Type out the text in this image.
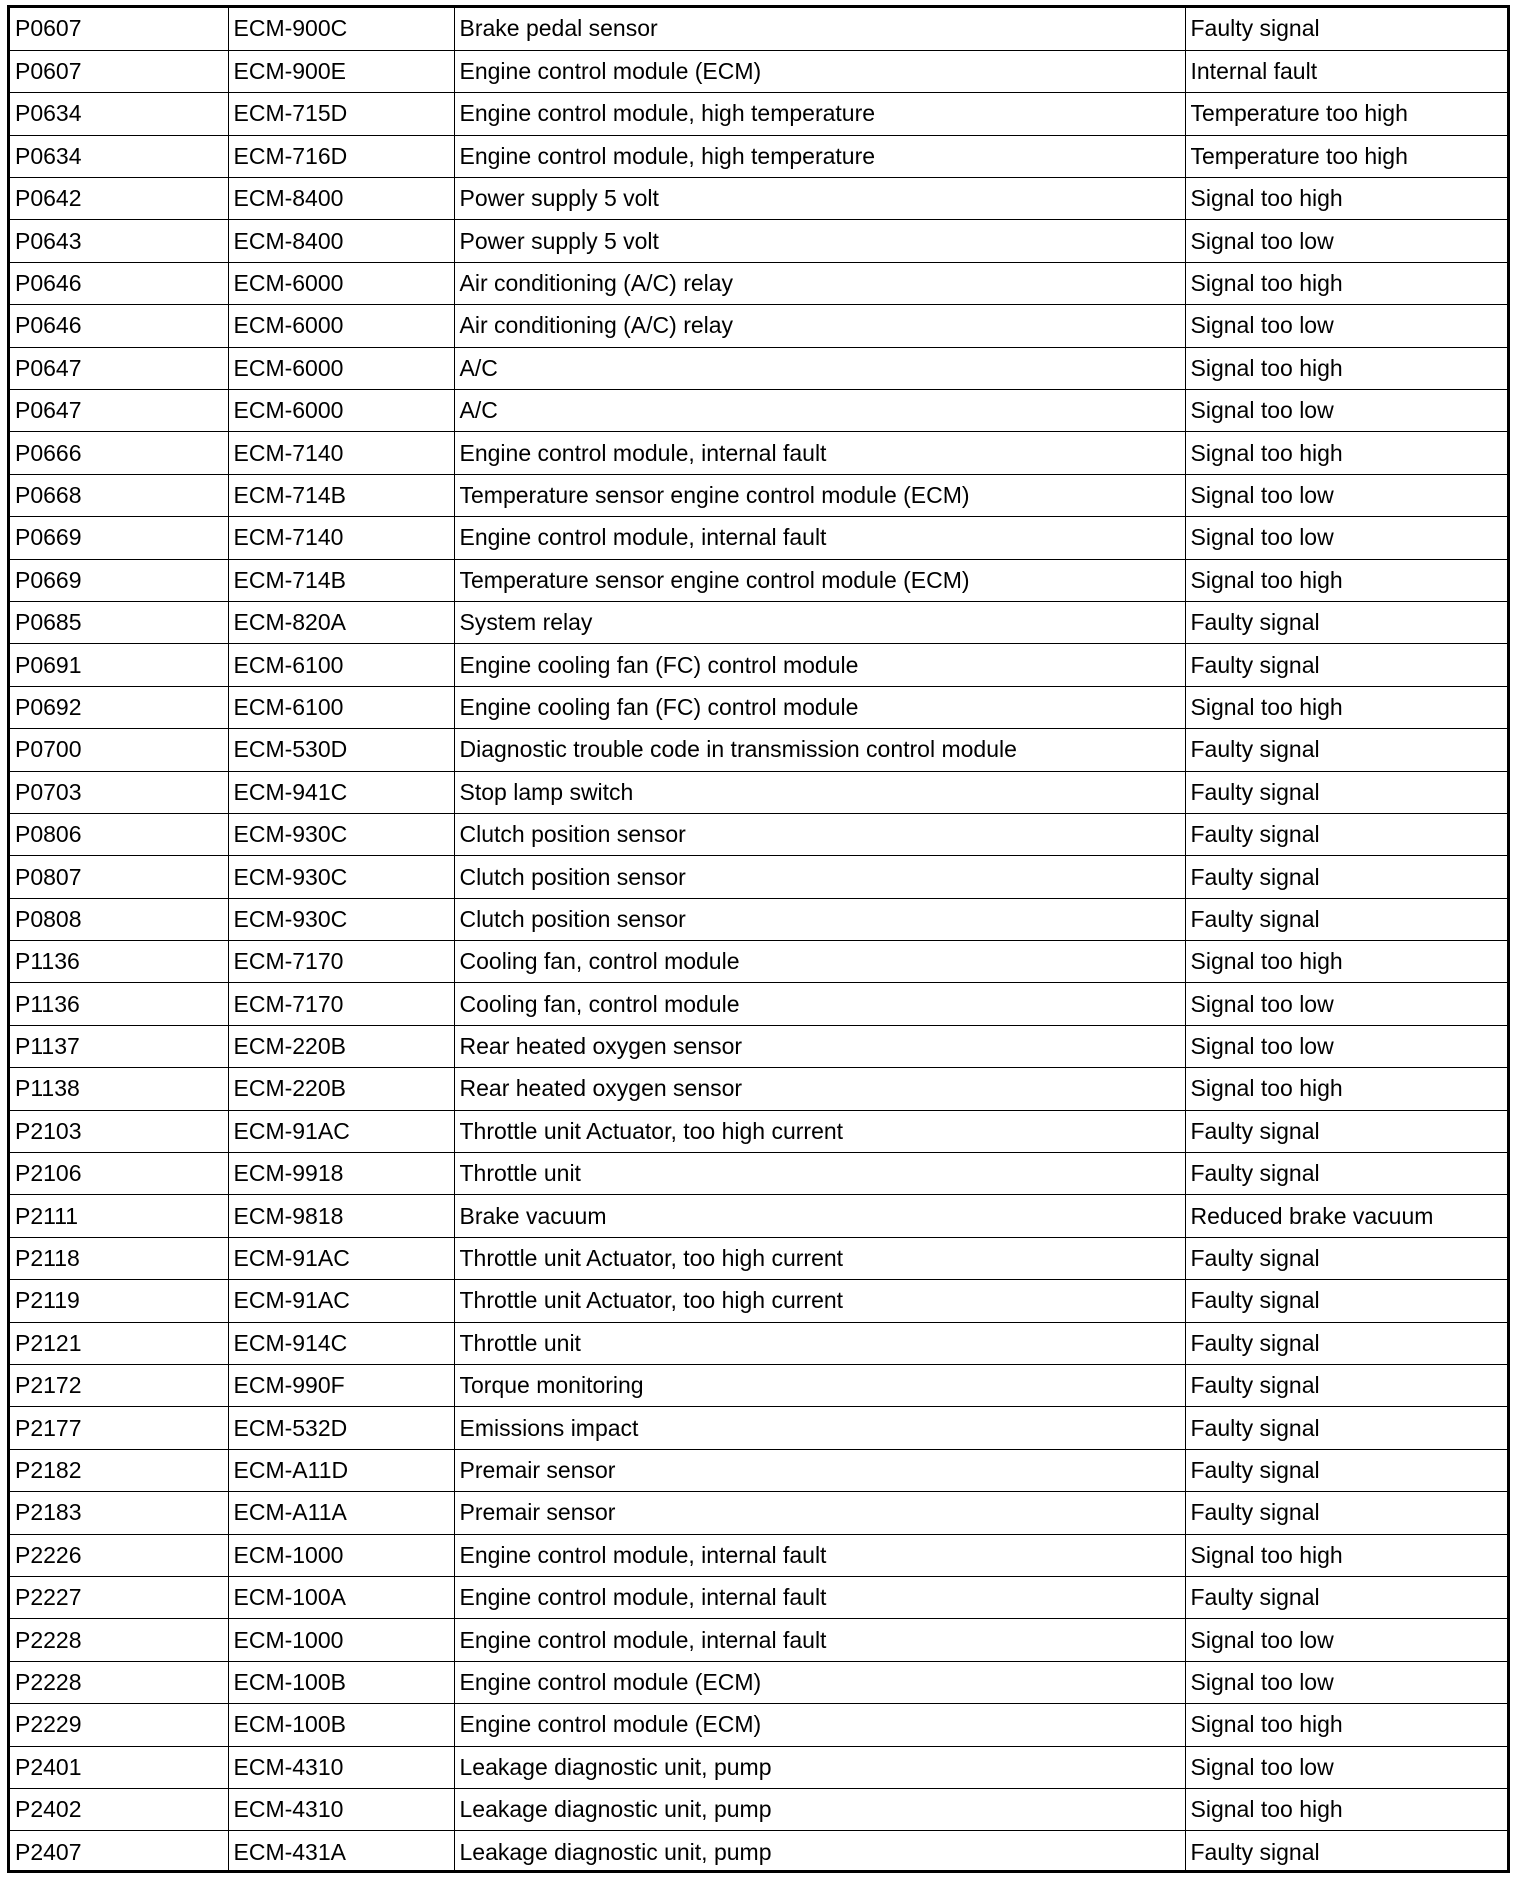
P0607	ECM-900C	Brake pedal sensor	Faulty signal
P0607	ECM-900E	Engine control module (ECM)	Internal fault
P0634	ECM-715D	Engine control module, high temperature	Temperature too high
P0634	ECM-716D	Engine control module, high temperature	Temperature too high
P0642	ECM-8400	Power supply 5 volt	Signal too high
P0643	ECM-8400	Power supply 5 volt	Signal too low
P0646	ECM-6000	Air conditioning (A/C) relay	Signal too high
P0646	ECM-6000	Air conditioning (A/C) relay	Signal too low
P0647	ECM-6000	A/C	Signal too high
P0647	ECM-6000	A/C	Signal too low
P0666	ECM-7140	Engine control module, internal fault	Signal too high
P0668	ECM-714B	Temperature sensor engine control module (ECM)	Signal too low
P0669	ECM-7140	Engine control module, internal fault	Signal too low
P0669	ECM-714B	Temperature sensor engine control module (ECM)	Signal too high
P0685	ECM-820A	System relay	Faulty signal
P0691	ECM-6100	Engine cooling fan (FC) control module	Faulty signal
P0692	ECM-6100	Engine cooling fan (FC) control module	Signal too high
P0700	ECM-530D	Diagnostic trouble code in transmission control module	Faulty signal
P0703	ECM-941C	Stop lamp switch	Faulty signal
P0806	ECM-930C	Clutch position sensor	Faulty signal
P0807	ECM-930C	Clutch position sensor	Faulty signal
P0808	ECM-930C	Clutch position sensor	Faulty signal
P1136	ECM-7170	Cooling fan, control module	Signal too high
P1136	ECM-7170	Cooling fan, control module	Signal too low
P1137	ECM-220B	Rear heated oxygen sensor	Signal too low
P1138	ECM-220B	Rear heated oxygen sensor	Signal too high
P2103	ECM-91AC	Throttle unit Actuator, too high current	Faulty signal
P2106	ECM-9918	Throttle unit	Faulty signal
P2111	ECM-9818	Brake vacuum	Reduced brake vacuum
P2118	ECM-91AC	Throttle unit Actuator, too high current	Faulty signal
P2119	ECM-91AC	Throttle unit Actuator, too high current	Faulty signal
P2121	ECM-914C	Throttle unit	Faulty signal
P2172	ECM-990F	Torque monitoring	Faulty signal
P2177	ECM-532D	Emissions impact	Faulty signal
P2182	ECM-A11D	Premair sensor	Faulty signal
P2183	ECM-A11A	Premair sensor	Faulty signal
P2226	ECM-1000	Engine control module, internal fault	Signal too high
P2227	ECM-100A	Engine control module, internal fault	Faulty signal
P2228	ECM-1000	Engine control module, internal fault	Signal too low
P2228	ECM-100B	Engine control module (ECM)	Signal too low
P2229	ECM-100B	Engine control module (ECM)	Signal too high
P2401	ECM-4310	Leakage diagnostic unit, pump	Signal too low
P2402	ECM-4310	Leakage diagnostic unit, pump	Signal too high
P2407	ECM-431A	Leakage diagnostic unit, pump	Faulty signal
